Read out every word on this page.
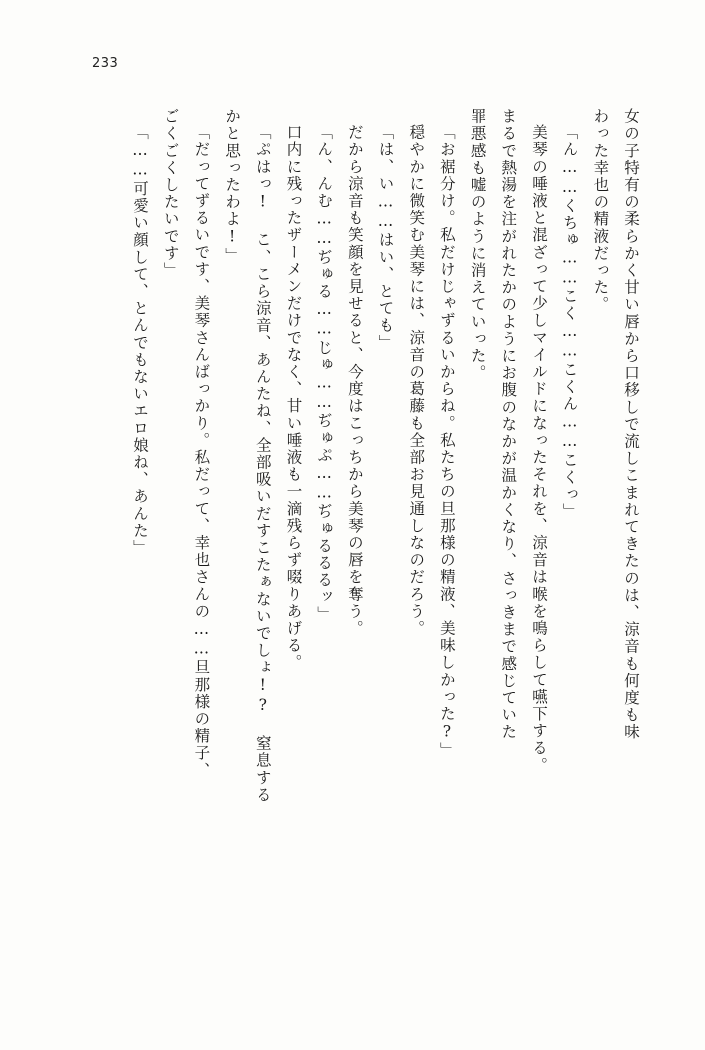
233
女の子特有の柔らかく甘い唇から口移しで流しこまれてきたのは、涼音も何度も味
わった幸也の精液だった。
「ん……くちゅ……こく……こくん……こくっ」
美琴の唾液と混ざって少しマイルドになったそれを、涼音は喉を鳴らして嚥下する。
まるで熱湯を注がれたかのようにお腹のなかが温かくなり、さっきまで感じていた
罪悪感も嘘のように消えていった。
「お裾分け。私だけじゃずるいからね。私たちの旦那様の精液、美味しかった?」
穏やかに微笑む美琴には、涼音の葛藤も全部お見通しなのだろう。
「は、い……はい、とても」
だから涼音も笑顔を見せると、今度はこっちから美琴の唇を奪う。
「ん、んむ……ぢゅる……じゅ……ぢゅぷ……ぢゅるるるッ」
口内に残ったザーメンだけでなく、甘い唾液も一滴残らず啜りあげる。
「ぷはっ! こ、こら涼音、あんたね、全部吸いだすこたぁないでしょ!? 窒息する
かと思ったわよ!」
「だってずるいです、美琴さんばっかり。私だって、幸也さんの……旦那様の精子、
ごくごくしたいです」
「……可愛い顔して、とんでもないエロ娘ね、あんた」
